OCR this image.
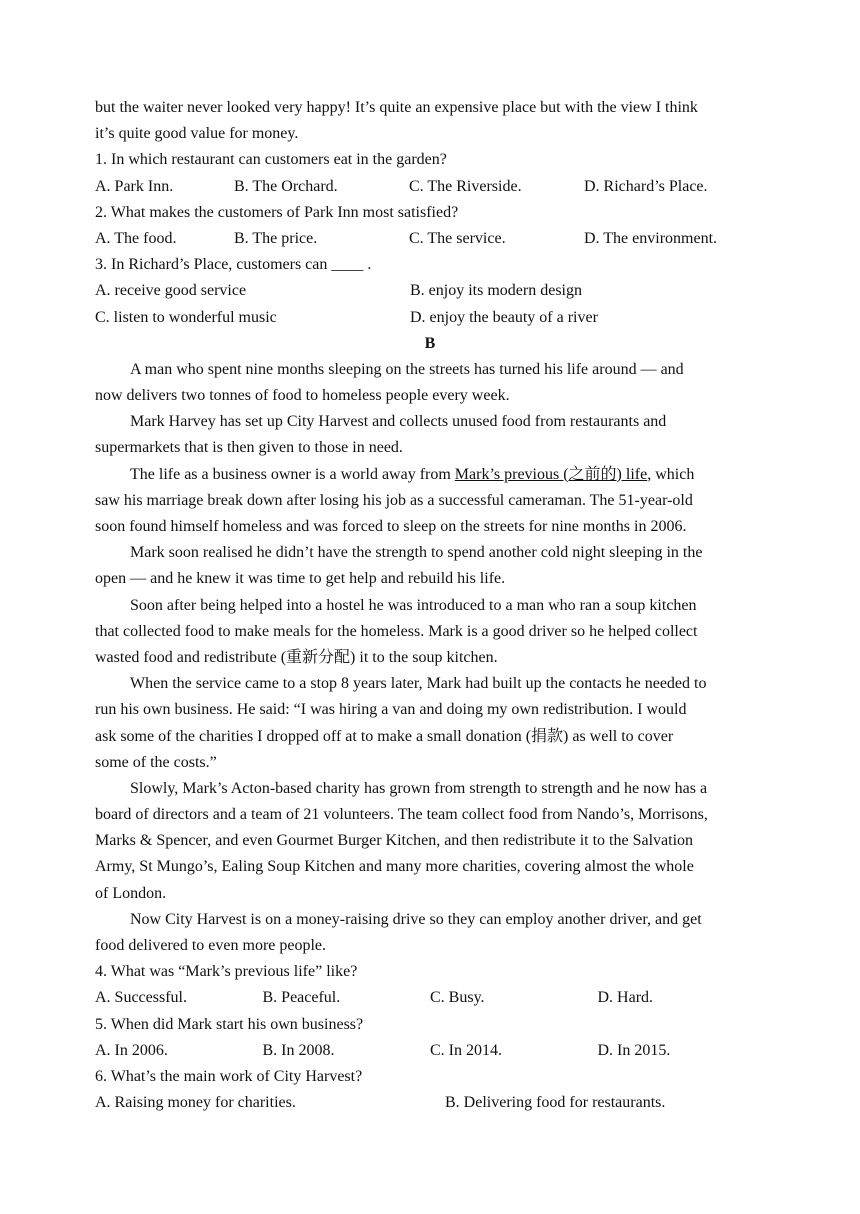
but the waiter never looked very happy! It’s quite an expensive place but with the view I think
it’s quite good value for money.
1. In which restaurant can customers eat in the garden?
A. Park Inn.	B. The Orchard.	C. The Riverside.	D. Richard’s Place.
2. What makes the customers of Park Inn most satisfied?
A. The food.	B. The price.	C. The service.	D. The environment.
3. In Richard’s Place, customers can ____ .
A. receive good service	B. enjoy its modern design
C. listen to wonderful music	D. enjoy the beauty of a river
B
A man who spent nine months sleeping on the streets has turned his life around — and
now delivers two tonnes of food to homeless people every week.
Mark Harvey has set up City Harvest and collects unused food from restaurants and
supermarkets that is then given to those in need.
The life as a business owner is a world away from Mark’s previous (之前的) life, which
saw his marriage break down after losing his job as a successful cameraman. The 51-year-old
soon found himself homeless and was forced to sleep on the streets for nine months in 2006.
Mark soon realised he didn’t have the strength to spend another cold night sleeping in the
open — and he knew it was time to get help and rebuild his life.
Soon after being helped into a hostel he was introduced to a man who ran a soup kitchen
that collected food to make meals for the homeless. Mark is a good driver so he helped collect
wasted food and redistribute (重新分配) it to the soup kitchen.
When the service came to a stop 8 years later, Mark had built up the contacts he needed to
run his own business. He said: “I was hiring a van and doing my own redistribution. I would
ask some of the charities I dropped off at to make a small donation (捐款) as well to cover
some of the costs.”
Slowly, Mark’s Acton-based charity has grown from strength to strength and he now has a
board of directors and a team of 21 volunteers. The team collect food from Nando’s, Morrisons,
Marks & Spencer, and even Gourmet Burger Kitchen, and then redistribute it to the Salvation
Army, St Mungo’s, Ealing Soup Kitchen and many more charities, covering almost the whole
of London.
Now City Harvest is on a money-raising drive so they can employ another driver, and get
food delivered to even more people.
4. What was “Mark’s previous life” like?
A. Successful.	B. Peaceful.	C. Busy.	D. Hard.
5. When did Mark start his own business?
A. In 2006.	B. In 2008.	C. In 2014.	D. In 2015.
6. What’s the main work of City Harvest?
A. Raising money for charities.	B. Delivering food for restaurants.
